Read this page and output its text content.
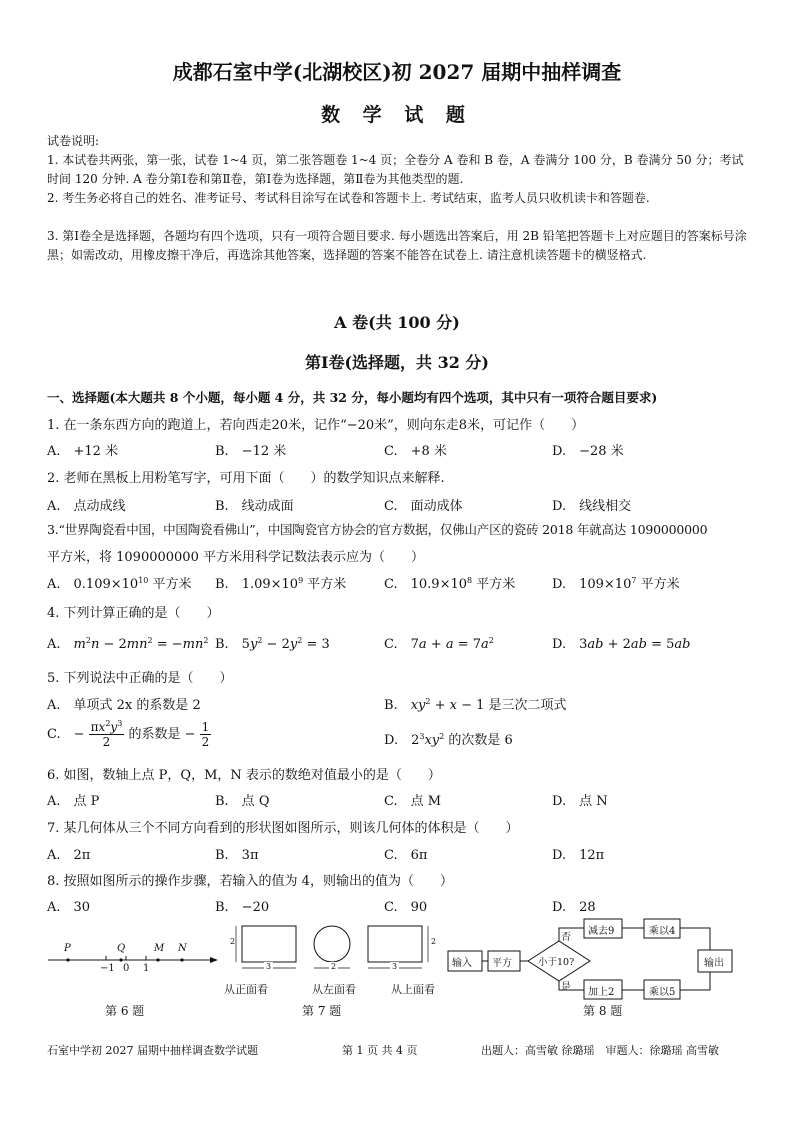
成都石室中学(北湖校区)初 2027 届期中抽样调查
数 学 试 题
试卷说明:
1. 本试卷共两张，第一张，试卷 1~4 页，第二张答题卷 1~4 页；全卷分 A 卷和 B 卷，A 卷满分 100 分，B 卷满分 50 分；考试时间 120 分钟. A 卷分第Ⅰ卷和第Ⅱ卷，第Ⅰ卷为选择题，第Ⅱ卷为其他类型的题.
2. 考生务必将自己的姓名、准考证号、考试科目涂写在试卷和答题卡上. 考试结束，监考人员只收机读卡和答题卷.
3. 第Ⅰ卷全是选择题，各题均有四个选项，只有一项符合题目要求. 每小题选出答案后，用 2B 铅笔把答题卡上对应题目的答案标号涂黑；如需改动，用橡皮擦干净后，再选涂其他答案，选择题的答案不能答在试卷上. 请注意机读答题卡的横竖格式.
A 卷(共 100 分)
第Ⅰ卷(选择题，共 32 分)
一、选择题(本大题共 8 个小题，每小题 4 分，共 32 分，每小题均有四个选项，其中只有一项符合题目要求)
1. 在一条东西方向的跑道上，若向西走20米，记作“−20米”，则向东走8米，可记作（　　）
A.　+12 米	B.　−12 米	C.　+8 米	D.　−28 米
2. 老师在黑板上用粉笔写字，可用下面（　　）的数学知识点来解释.
A.　点动成线	B.　线动成面	C.　面动成体	D.　线线相交
3.“世界陶瓷看中国，中国陶瓷看佛山”，中国陶瓷官方协会的官方数据，仅佛山产区的瓷砖 2018 年就高达 1090000000
平方米，将 1090000000 平方米用科学记数法表示应为（　　）
A.　$0.109\times 10^{10}$ 平方米 B.　$1.09\times 10^9$ 平方米	C.　$10.9\times 10^8$ 平方米	D.　$109\times 10^7$ 平方米
4. 下列计算正确的是（　　）
A.　$m^2n - 2mn^2 = -mn^2$ B.　$5y^2 - 2y^2 = 3$	C.　$7a + a = 7a^2$	D.　3ab + 2ab = 5ab
5. 下列说法中正确的是（　　）
A.　单项式 2x 的系数是 2	B.　$xy^2 + x - 1$ 是三次二项式
C.　− $\frac{\pi x^2y^3}{2}$ 的系数是 − $\frac{1}{2}$	D.　$2^3xy^2$ 的次数是 6
6. 如图，数轴上点 P，Q，M，N 表示的数绝对值最小的是（　　）
A.　点 P	B.　点 Q	C.　点 M	D.　点 N
7. 某几何体从三个不同方向看到的形状图如图所示，则该几何体的体积是（　　）
A.　2π	B.　3π	C.　6π	D.　12π
8. 按照如图所示的操作步骤，若输入的值为 4，则输出的值为（　　）
A.　30	B.　−20	C.　90	D.　28
P	Q	M N
−1 0 1
第 6 题
2
3	2
2
3
从正面看	从左面看	从上面看
第 7 题
输入 平方	小于10?
否
是
减去9	乘以4
加上2	乘以5
输出
第 8 题
石室中学初 2027 届期中抽样调查数学试题	第 1 页 共 4 页	出题人：高雪敏 徐璐瑶　审题人：徐璐瑶 高雪敏
